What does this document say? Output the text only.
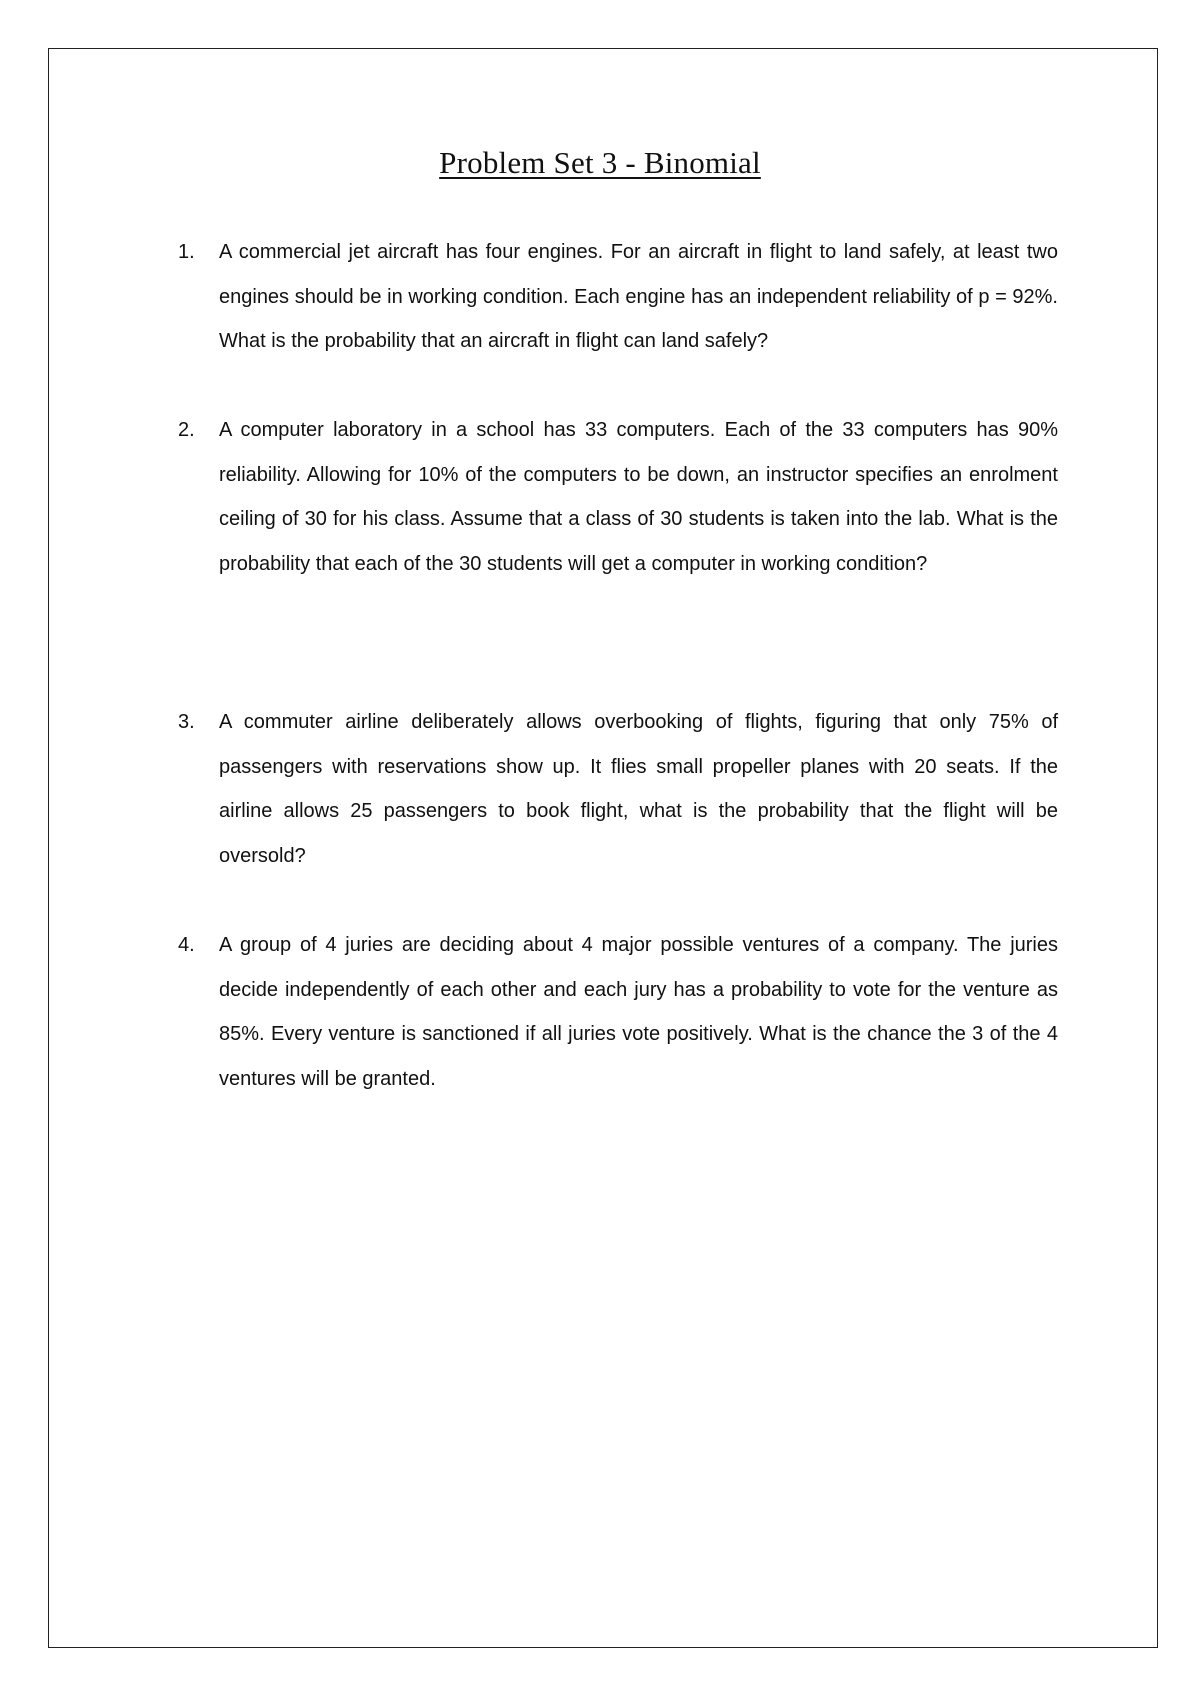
Problem Set 3 - Binomial
1.	A commercial jet aircraft has four engines. For an aircraft in flight to land safely, at least two engines should be in working condition. Each engine has an independent reliability of p = 92%. What is the probability that an aircraft in flight can land safely?

2.	A computer laboratory in a school has 33 computers. Each of the 33 computers has 90% reliability. Allowing for 10% of the computers to be down, an instructor specifies an enrolment ceiling of 30 for his class. Assume that a class of 30 students is taken into the lab. What is the probability that each of the 30 students will get a computer in working condition?

3.	A commuter airline deliberately allows overbooking of flights, figuring that only 75% of passengers with reservations show up. It flies small propeller planes with 20 seats. If the airline allows 25 passengers to book flight, what is the probability that the flight will be oversold?

4.	A group of 4 juries are deciding about 4 major possible ventures of a company. The juries decide independently of each other and each jury has a probability to vote for the venture as 85%. Every venture is sanctioned if all juries vote positively. What is the chance the 3 of the 4 ventures will be granted.
